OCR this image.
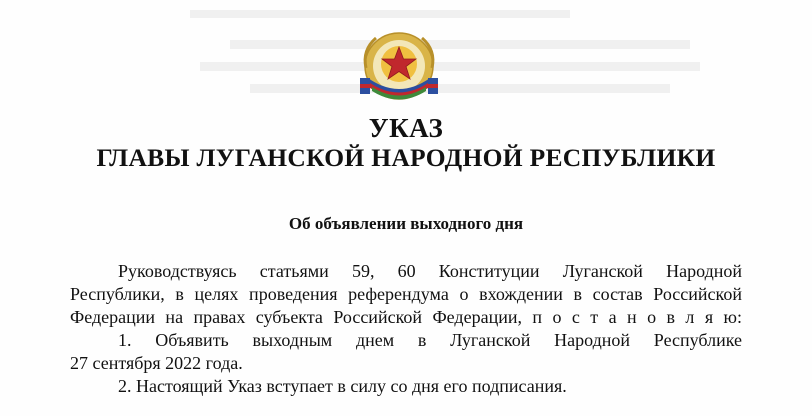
УКАЗ
ГЛАВЫ ЛУГАНСКОЙ НАРОДНОЙ РЕСПУБЛИКИ
Об объявлении выходного дня
Руководствуясь статьями 59, 60 Конституции Луганской Народной
Республики, в целях проведения референдума о вхождении в состав Российской
Федерации на правах субъекта Российской Федерации, п о с т а н о в л я ю:
1. Объявить выходным днем в Луганской Народной Республике
27 сентября 2022 года.
2. Настоящий Указ вступает в силу со дня его подписания.
